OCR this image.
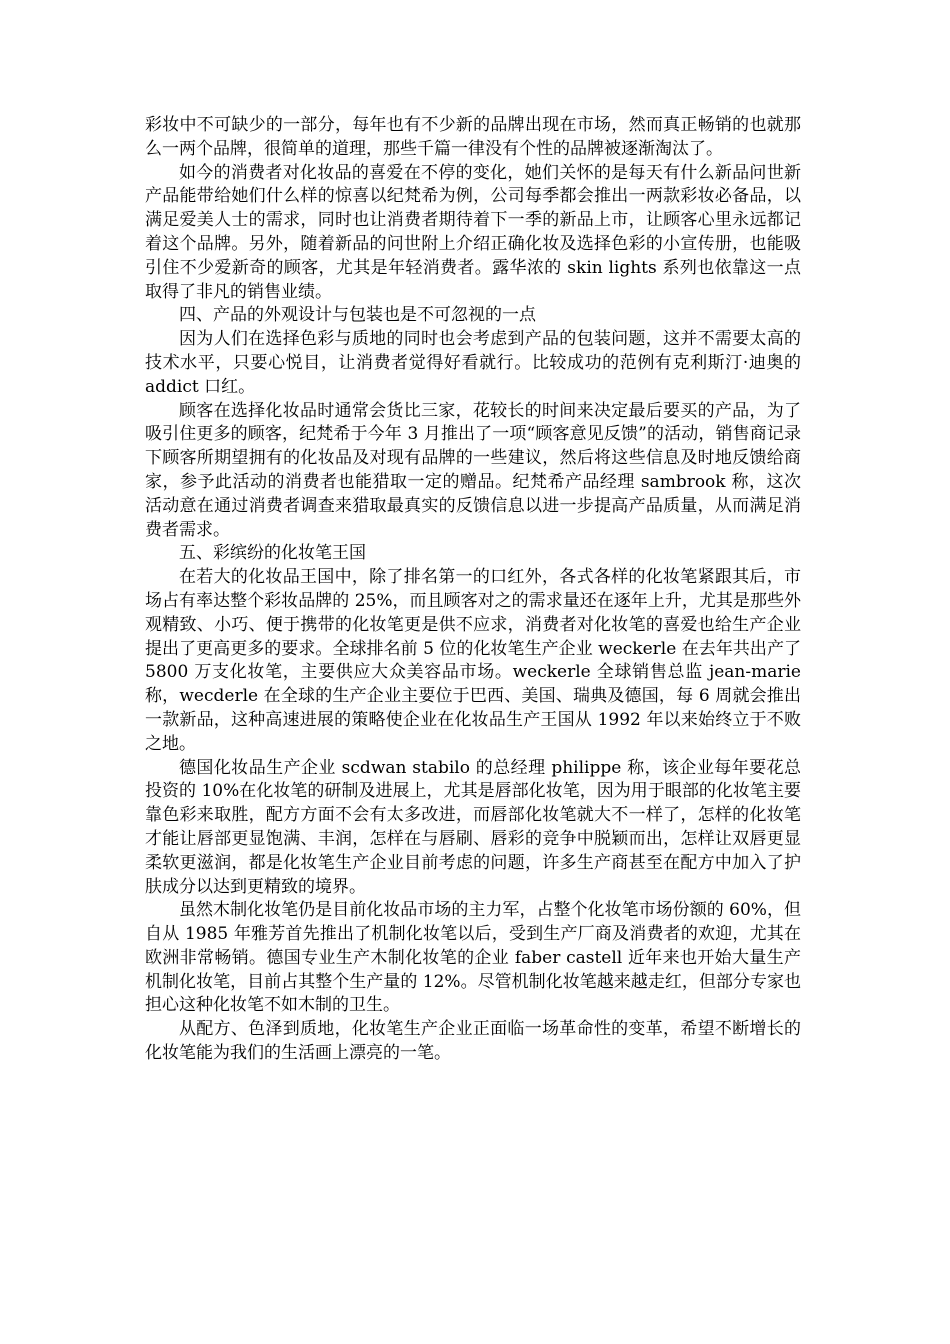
彩妆中不可缺少的一部分，每年也有不少新的品牌出现在市场，然而真正畅销的也就那么一两个品牌，很简单的道理，那些千篇一律没有个性的品牌被逐渐淘汰了。

如今的消费者对化妆品的喜爱在不停的变化，她们关怀的是每天有什么新品问世新产品能带给她们什么样的惊喜以纪梵希为例，公司每季都会推出一两款彩妆必备品，以满足爱美人士的需求，同时也让消费者期待着下一季的新品上市，让顾客心里永远都记着这个品牌。另外，随着新品的问世附上介绍正确化妆及选择色彩的小宣传册，也能吸引住不少爱新奇的顾客，尤其是年轻消费者。露华浓的 skin lights 系列也依靠这一点取得了非凡的销售业绩。

四、产品的外观设计与包装也是不可忽视的一点

因为人们在选择色彩与质地的同时也会考虑到产品的包装问题，这并不需要太高的技术水平，只要心悦目，让消费者觉得好看就行。比较成功的范例有克利斯汀·迪奥的 addict 口红。

顾客在选择化妆品时通常会货比三家，花较长的时间来决定最后要买的产品，为了吸引住更多的顾客，纪梵希于今年 3 月推出了一项“顾客意见反馈”的活动，销售商记录下顾客所期望拥有的化妆品及对现有品牌的一些建议，然后将这些信息及时地反馈给商家，参予此活动的消费者也能猎取一定的赠品。纪梵希产品经理 sambrook 称，这次活动意在通过消费者调查来猎取最真实的反馈信息以进一步提高产品质量，从而满足消费者需求。

五、彩缤纷的化妆笔王国

在若大的化妆品王国中，除了排名第一的口红外，各式各样的化妆笔紧跟其后，市场占有率达整个彩妆品牌的 25%，而且顾客对之的需求量还在逐年上升，尤其是那些外观精致、小巧、便于携带的化妆笔更是供不应求，消费者对化妆笔的喜爱也给生产企业提出了更高更多的要求。全球排名前 5 位的化妆笔生产企业 weckerle 在去年共出产了 5800 万支化妆笔，主要供应大众美容品市场。weckerle 全球销售总监 jean-marie 称，wecderle 在全球的生产企业主要位于巴西、美国、瑞典及德国，每 6 周就会推出一款新品，这种高速进展的策略使企业在化妆品生产王国从 1992 年以来始终立于不败之地。

德国化妆品生产企业 scdwan stabilo 的总经理 philippe 称，该企业每年要花总投资的 10%在化妆笔的研制及进展上，尤其是唇部化妆笔，因为用于眼部的化妆笔主要靠色彩来取胜，配方方面不会有太多改进，而唇部化妆笔就大不一样了，怎样的化妆笔才能让唇部更显饱满、丰润，怎样在与唇刷、唇彩的竞争中脱颖而出，怎样让双唇更显柔软更滋润，都是化妆笔生产企业目前考虑的问题，许多生产商甚至在配方中加入了护肤成分以达到更精致的境界。

虽然木制化妆笔仍是目前化妆品市场的主力军，占整个化妆笔市场份额的 60%，但自从 1985 年雅芳首先推出了机制化妆笔以后，受到生产厂商及消费者的欢迎，尤其在欧洲非常畅销。德国专业生产木制化妆笔的企业 faber castell 近年来也开始大量生产机制化妆笔，目前占其整个生产量的 12%。尽管机制化妆笔越来越走红，但部分专家也担心这种化妆笔不如木制的卫生。

从配方、色泽到质地，化妆笔生产企业正面临一场革命性的变革，希望不断增长的化妆笔能为我们的生活画上漂亮的一笔。
